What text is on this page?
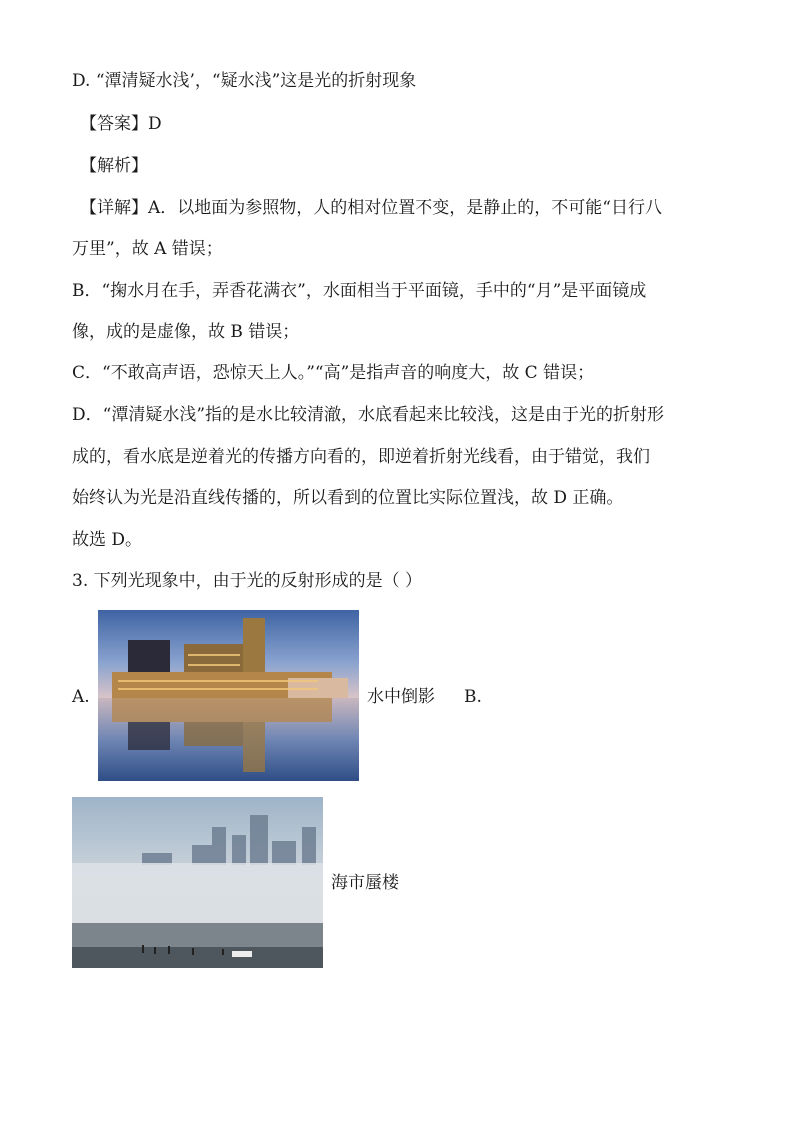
D. “潭清疑水浅’，“疑水浅”这是光的折射现象
【答案】D
【解析】
【详解】A．以地面为参照物，人的相对位置不变，是静止的，不可能“日行八
万里”，故 A 错误；
B．“掬水月在手，弄香花满衣”，水面相当于平面镜，手中的“月”是平面镜成
像，成的是虚像，故 B 错误；
C．“不敢高声语，恐惊天上人。”“高”是指声音的响度大，故 C 错误；
D．“潭清疑水浅”指的是水比较清澈，水底看起来比较浅，这是由于光的折射形
成的，看水底是逆着光的传播方向看的，即逆着折射光线看，由于错觉，我们
始终认为光是沿直线传播的，所以看到的位置比实际位置浅，故 D 正确。
故选 D。
3. 下列光现象中，由于光的反射形成的是（ ）
A.	水中倒影 B.
海市蜃楼
